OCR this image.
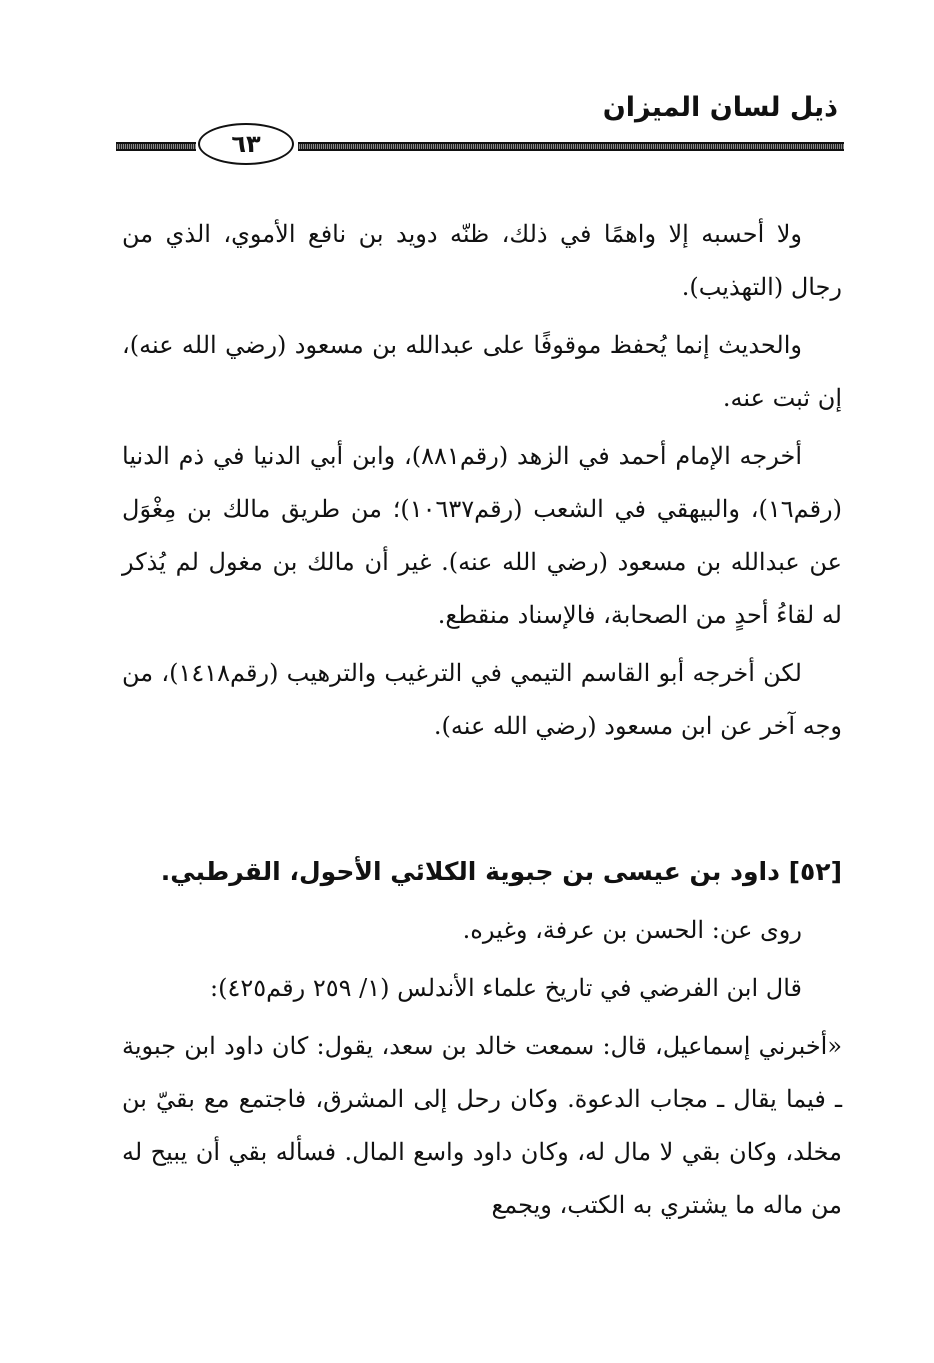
ذيل لسان الميزان
٦٣

ولا أحسبه إلا واهمًا في ذلك، ظنّه دويد بن نافع الأموي، الذي من رجال (التهذيب).

والحديث إنما يُحفظ موقوفًا على عبدالله بن مسعود (رضي الله عنه)، إن ثبت عنه.

أخرجه الإمام أحمد في الزهد (رقم٨٨١)، وابن أبي الدنيا في ذم الدنيا (رقم١٦)، والبيهقي في الشعب (رقم١٠٦٣٧)؛ من طريق مالك بن مِغْوَل عن عبدالله بن مسعود (رضي الله عنه). غير أن مالك بن مغول لم يُذكر له لقاءُ أحدٍ من الصحابة، فالإسناد منقطع.

لكن أخرجه أبو القاسم التيمي في الترغيب والترهيب (رقم١٤١٨)، من وجه آخر عن ابن مسعود (رضي الله عنه).

[٥٢] داود بن عيسى بن جبوية الكلائي الأحول، القرطبي.

روى عن: الحسن بن عرفة، وغيره.

قال ابن الفرضي في تاريخ علماء الأندلس (١/ ٢٥٩ رقم٤٢٥):

«أخبرني إسماعيل، قال: سمعت خالد بن سعد، يقول: كان داود ابن جبوية ـ فيما يقال ـ مجاب الدعوة. وكان رحل إلى المشرق، فاجتمع مع بقيّ بن مخلد، وكان بقي لا مال له، وكان داود واسع المال. فسأله بقي أن يبيح له من ماله ما يشتري به الكتب، ويجمع
